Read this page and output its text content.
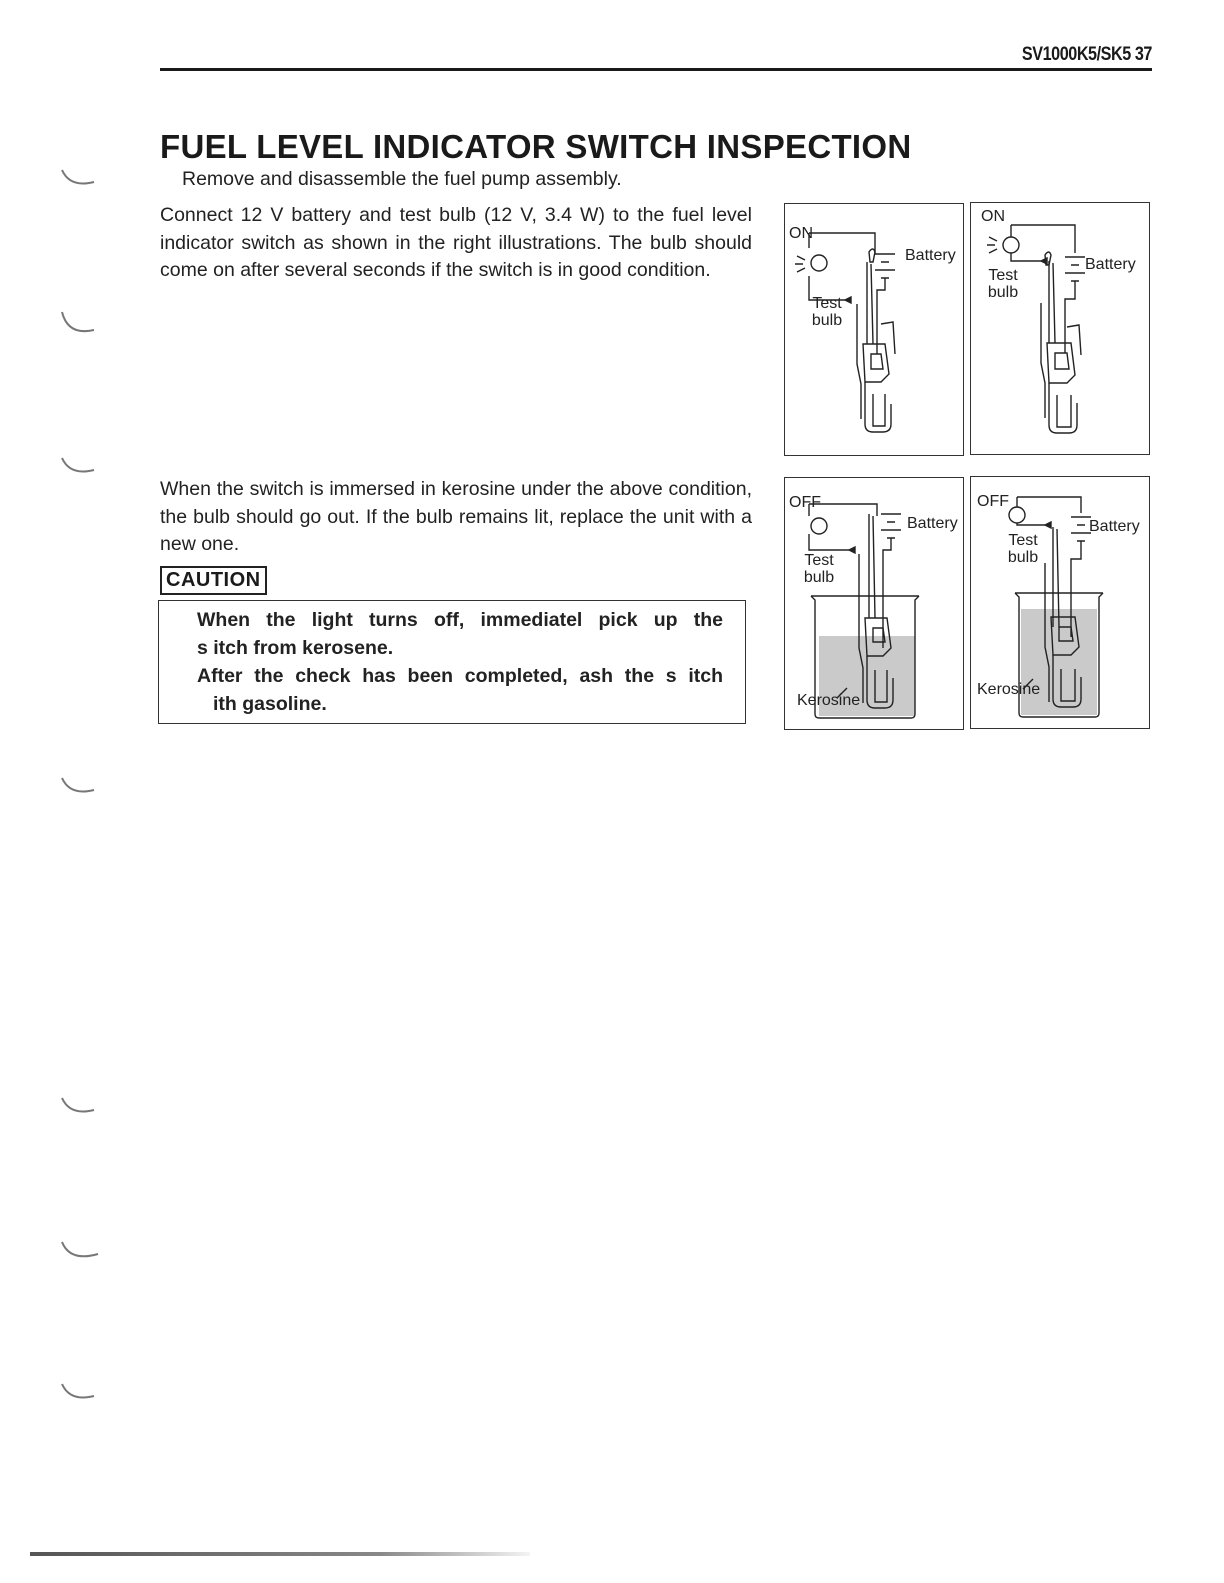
SV1000K5/SK5 37
FUEL LEVEL INDICATOR SWITCH INSPECTION
Remove and disassemble the fuel pump assembly.
Connect 12 V battery and test bulb (12 V, 3.4 W) to the fuel level indicator switch as shown in the right illustrations. The bulb should come on after several seconds if the switch is in good condition.
When the switch is immersed in kerosine under the above condition, the bulb should go out. If the bulb remains lit, replace the unit with a new one.
CAUTION
When the light turns off, immediatel pick up the
s itch from kerosene.
After the check has been completed, ash the s itch
ith gasoline.
ON
Battery
Test
bulb
ON
Battery
Test
bulb
OFF
Battery
Test
bulb
Kerosine
OFF
Battery
Test
bulb
Kerosine
